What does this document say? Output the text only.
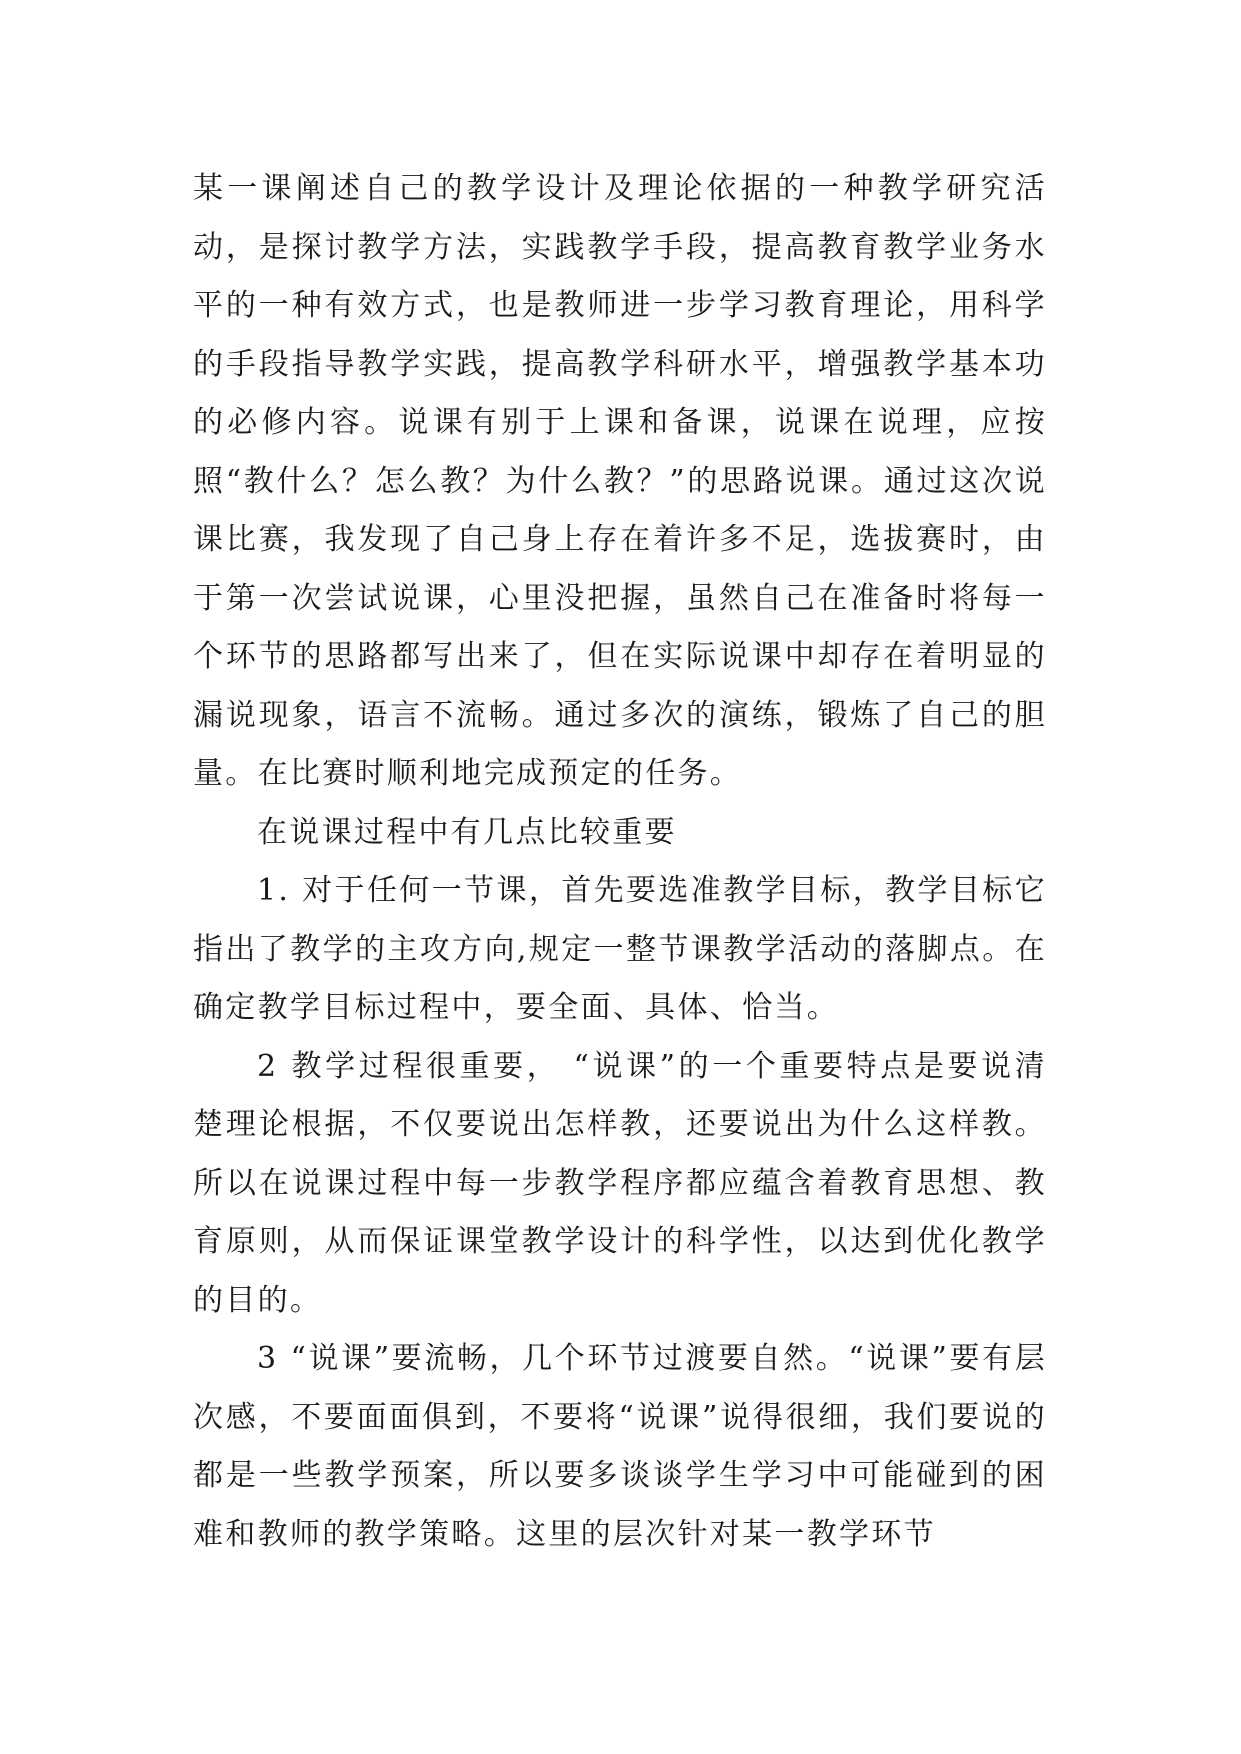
某一课阐述自己的教学设计及理论依据的一种教学研究活动，是探讨教学方法，实践教学手段，提高教育教学业务水平的一种有效方式，也是教师进一步学习教育理论，用科学的手段指导教学实践，提高教学科研水平，增强教学基本功的必修内容。说课有别于上课和备课，说课在说理，应按照“教什么？怎么教？为什么教？”的思路说课。通过这次说课比赛，我发现了自己身上存在着许多不足，选拔赛时，由于第一次尝试说课，心里没把握，虽然自己在准备时将每一个环节的思路都写出来了，但在实际说课中却存在着明显的漏说现象，语言不流畅。通过多次的演练，锻炼了自己的胆量。在比赛时顺利地完成预定的任务。

在说课过程中有几点比较重要

1. 对于任何一节课，首先要选准教学目标，教学目标它指出了教学的主攻方向,规定一整节课教学活动的落脚点。在确定教学目标过程中，要全面、具体、恰当。

2 教学过程很重要， “说课”的一个重要特点是要说清楚理论根据，不仅要说出怎样教，还要说出为什么这样教。所以在说课过程中每一步教学程序都应蕴含着教育思想、教育原则，从而保证课堂教学设计的科学性，以达到优化教学的目的。

3 “说课”要流畅，几个环节过渡要自然。“说课”要有层次感，不要面面俱到，不要将“说课”说得很细，我们要说的都是一些教学预案，所以要多谈谈学生学习中可能碰到的困难和教师的教学策略。这里的层次针对某一教学环节
